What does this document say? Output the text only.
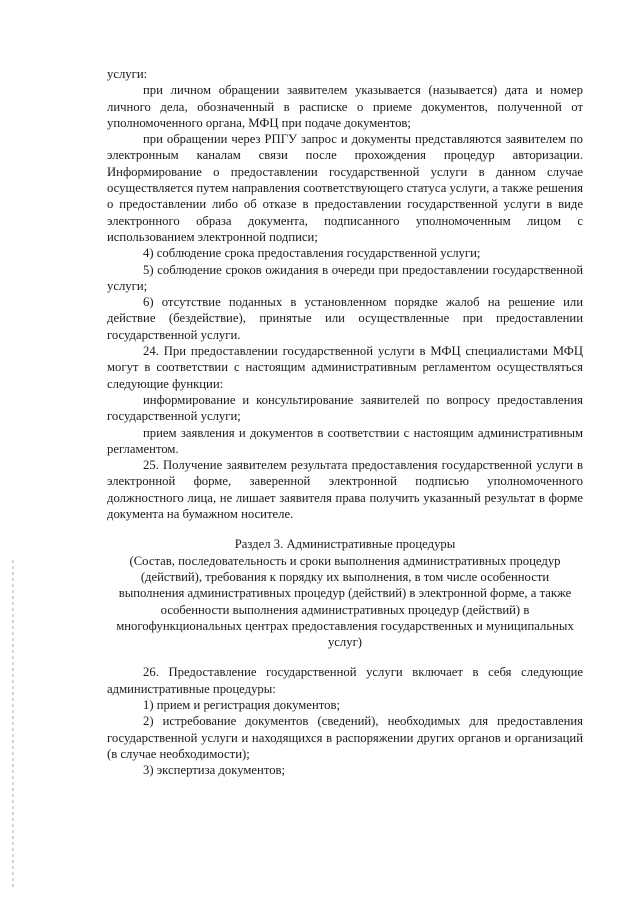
услуги:

при личном обращении заявителем указывается (называется) дата и номер личного дела, обозначенный в расписке о приеме документов, полученной от уполномоченного органа, МФЦ при подаче документов;

при обращении через РПГУ запрос и документы представляются заявителем по электронным каналам связи после прохождения процедур авторизации. Информирование о предоставлении государственной услуги в данном случае осуществляется путем направления соответствующего статуса услуги, а также решения о предоставлении либо об отказе в предоставлении государственной услуги в виде электронного образа документа, подписанного уполномоченным лицом с использованием электронной подписи;

4) соблюдение срока предоставления государственной услуги;

5) соблюдение сроков ожидания в очереди при предоставлении государственной услуги;

6) отсутствие поданных в установленном порядке жалоб на решение или действие (бездействие), принятые или осуществленные при предоставлении государственной услуги.

24. При предоставлении государственной услуги в МФЦ специалистами МФЦ могут в соответствии с настоящим административным регламентом осуществляться следующие функции:

информирование и консультирование заявителей по вопросу предоставления государственной услуги;

прием заявления и документов в соответствии с настоящим административным регламентом.

25. Получение заявителем результата предоставления государственной услуги в электронной форме, заверенной электронной подписью уполномоченного должностного лица, не лишает заявителя права получить указанный результат в форме документа на бумажном носителе.

Раздел 3. Административные процедуры

(Состав, последовательность и сроки выполнения административных процедур (действий), требования к порядку их выполнения, в том числе особенности выполнения административных процедур (действий) в электронной форме, а также особенности выполнения административных процедур (действий) в многофункциональных центрах предоставления государственных и муниципальных услуг)

26. Предоставление государственной услуги включает в себя следующие административные процедуры:

1) прием и регистрация документов;

2) истребование документов (сведений), необходимых для предоставления государственной услуги и находящихся в распоряжении других органов и организаций (в случае необходимости);

3) экспертиза документов;
